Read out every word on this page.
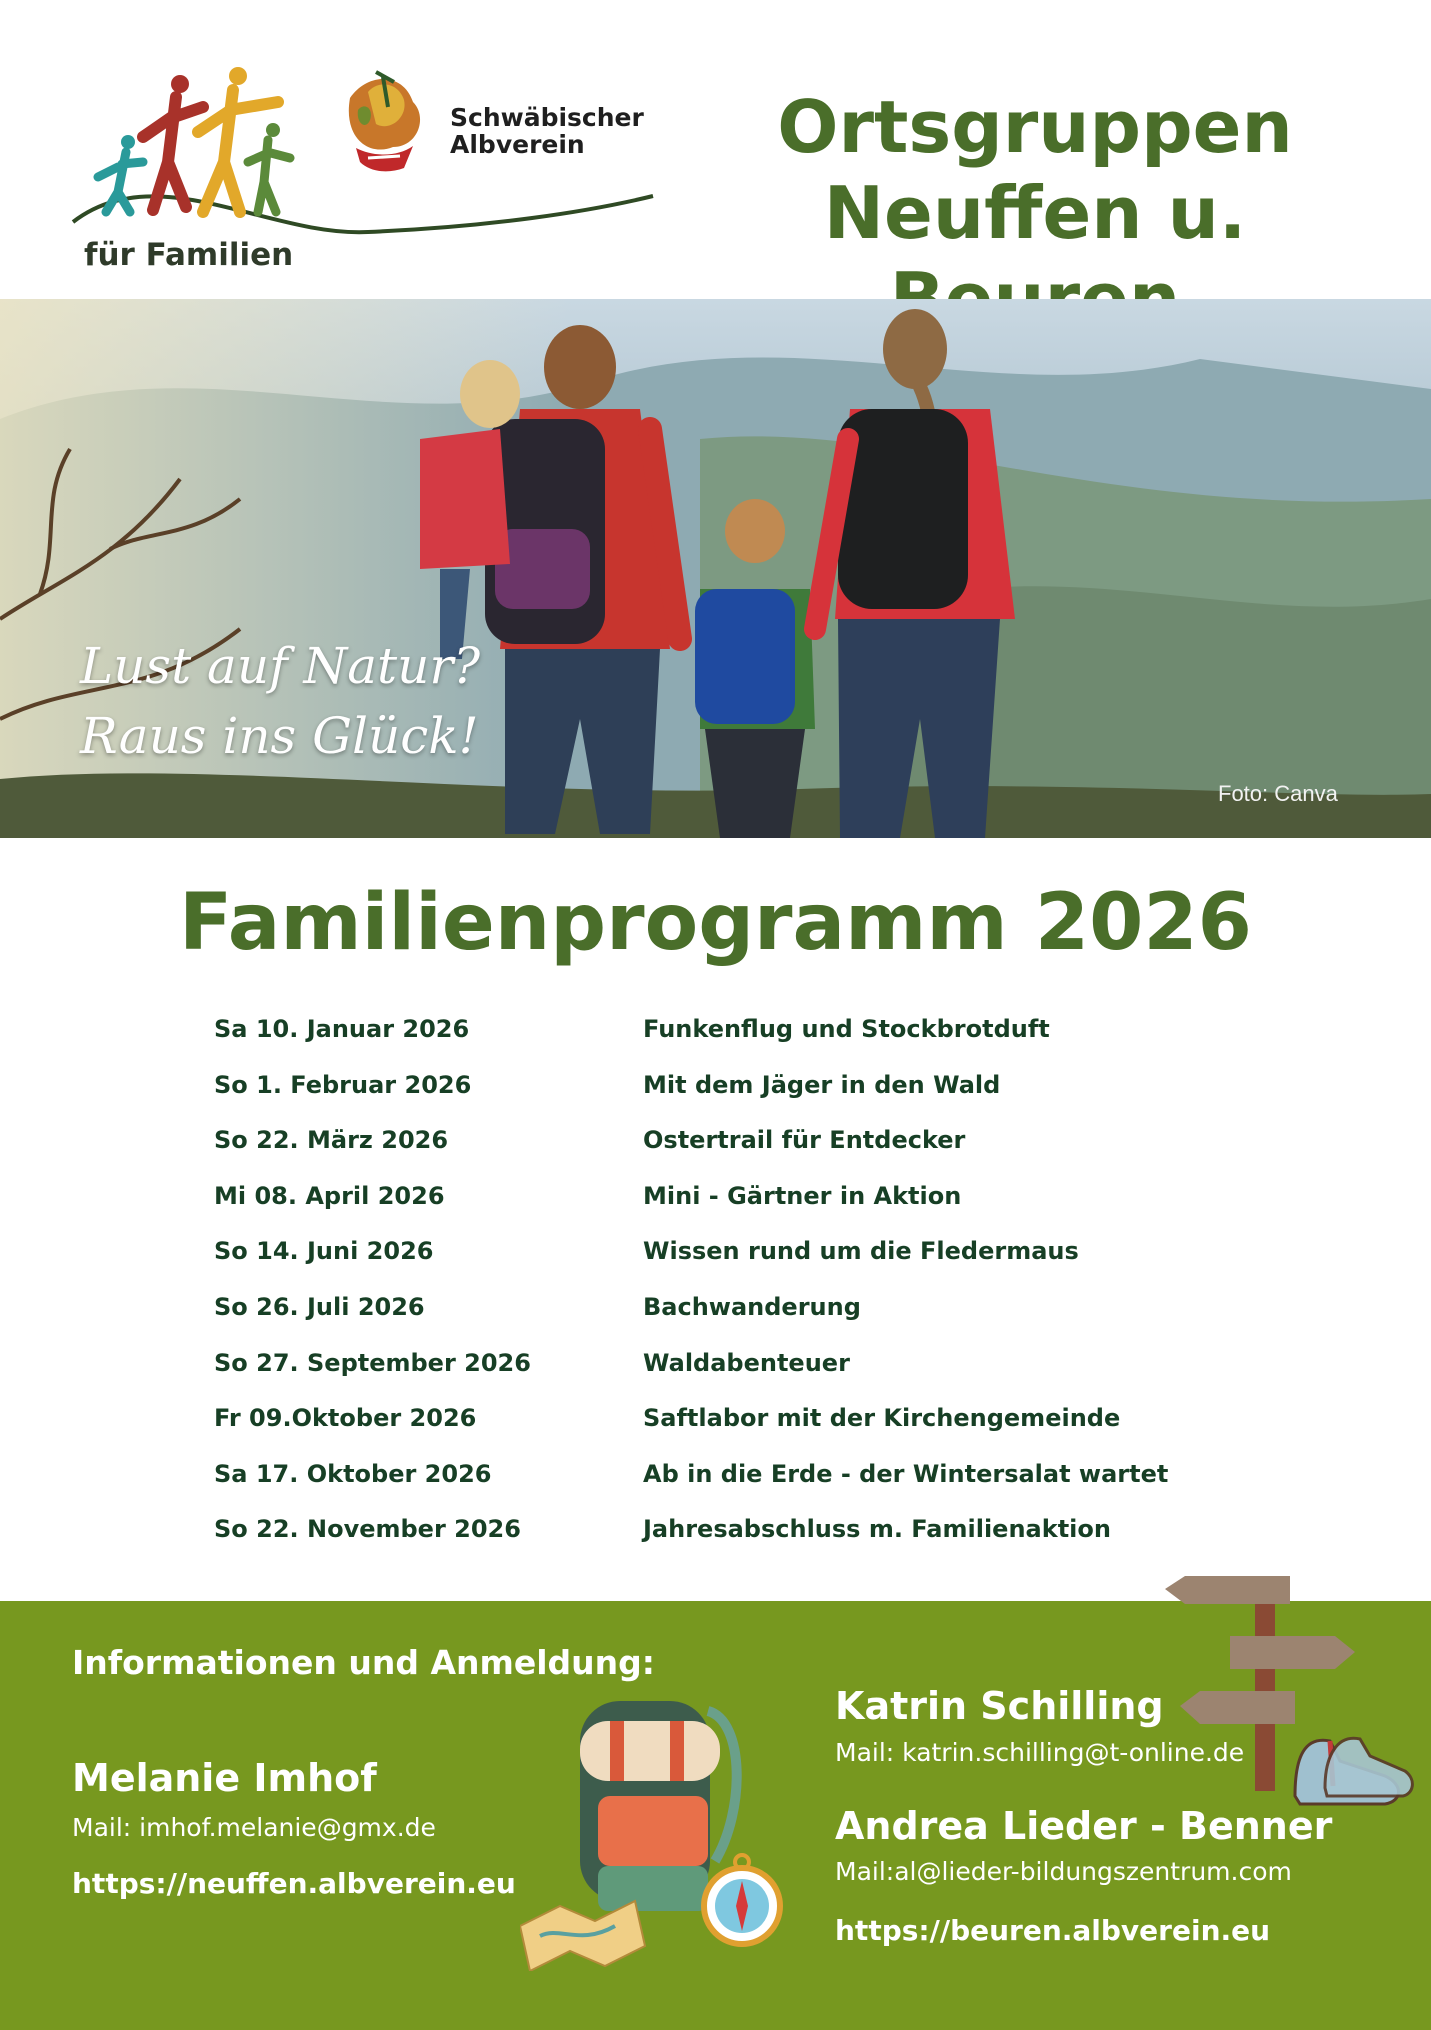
Schwäbischer
Albverein
für Familien
Ortsgruppen
Neuffen u.
Lust auf Natur?
Raus ins Glück!
Foto: Canva
Familienprogramm 2026
Sa 10. Januar 2026	Funkenflug und Stockbrotduft
So 1. Februar 2026	Mit dem Jäger in den Wald
So 22. März 2026	Ostertrail für Entdecker
Mi 08. April 2026	Mini - Gärtner in Aktion
So 14. Juni 2026	Wissen rund um die Fledermaus
So 26. Juli 2026	Bachwanderung
So 27. September 2026	Waldabenteuer
Fr 09.Oktober 2026	Saftlabor mit der Kirchengemeinde
Sa 17. Oktober 2026	Ab in die Erde - der Wintersalat wartet
So 22. November 2026	Jahresabschluss m. Familienaktion
Informationen und Anmeldung:
Melanie Imhof
Mail: imhof.melanie@gmx.de
https://neuffen.albverein.eu
Katrin Schilling
Mail: katrin.schilling@t-online.de
Andrea Lieder - Benner
Mail:al@lieder-bildungszentrum.com
https://beuren.albverein.eu
